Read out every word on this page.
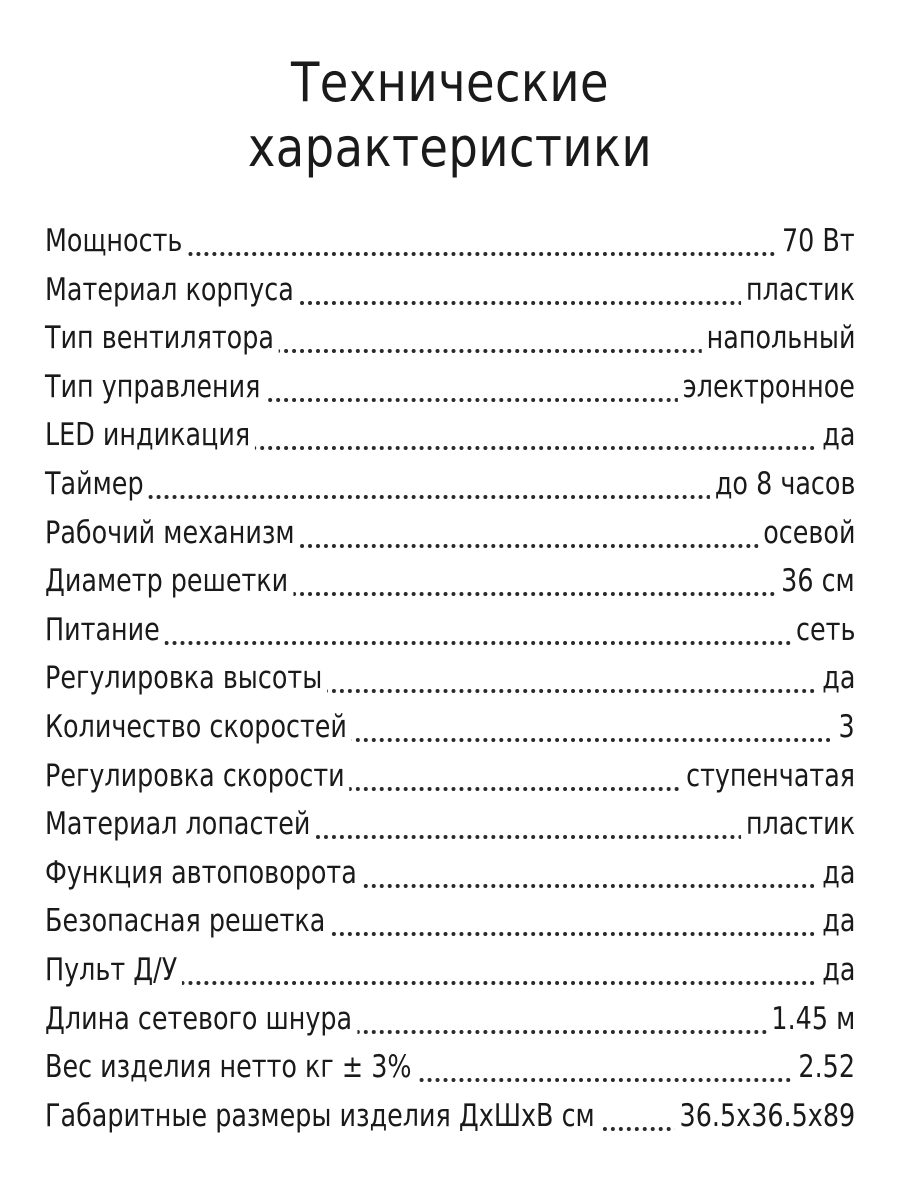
Технические
характеристики
Мощность	70 Вт
Материал корпуса	пластик
Тип вентилятора	напольный
Тип управления	электронное
LED индикация	да
Таймер	до 8 часов
Рабочий механизм	осевой
Диаметр решетки	36 см
Питание	сеть
Регулировка высоты	да
Количество скоростей	3
Регулировка скорости	ступенчатая
Материал лопастей	пластик
Функция автоповорота	да
Безопасная решетка	да
Пульт Д/У	да
Длина сетевого шнура	1.45 м
Вес изделия нетто кг ± 3%	2.52
Габаритные размеры изделия ДхШхВ см	36.5х36.5х89
